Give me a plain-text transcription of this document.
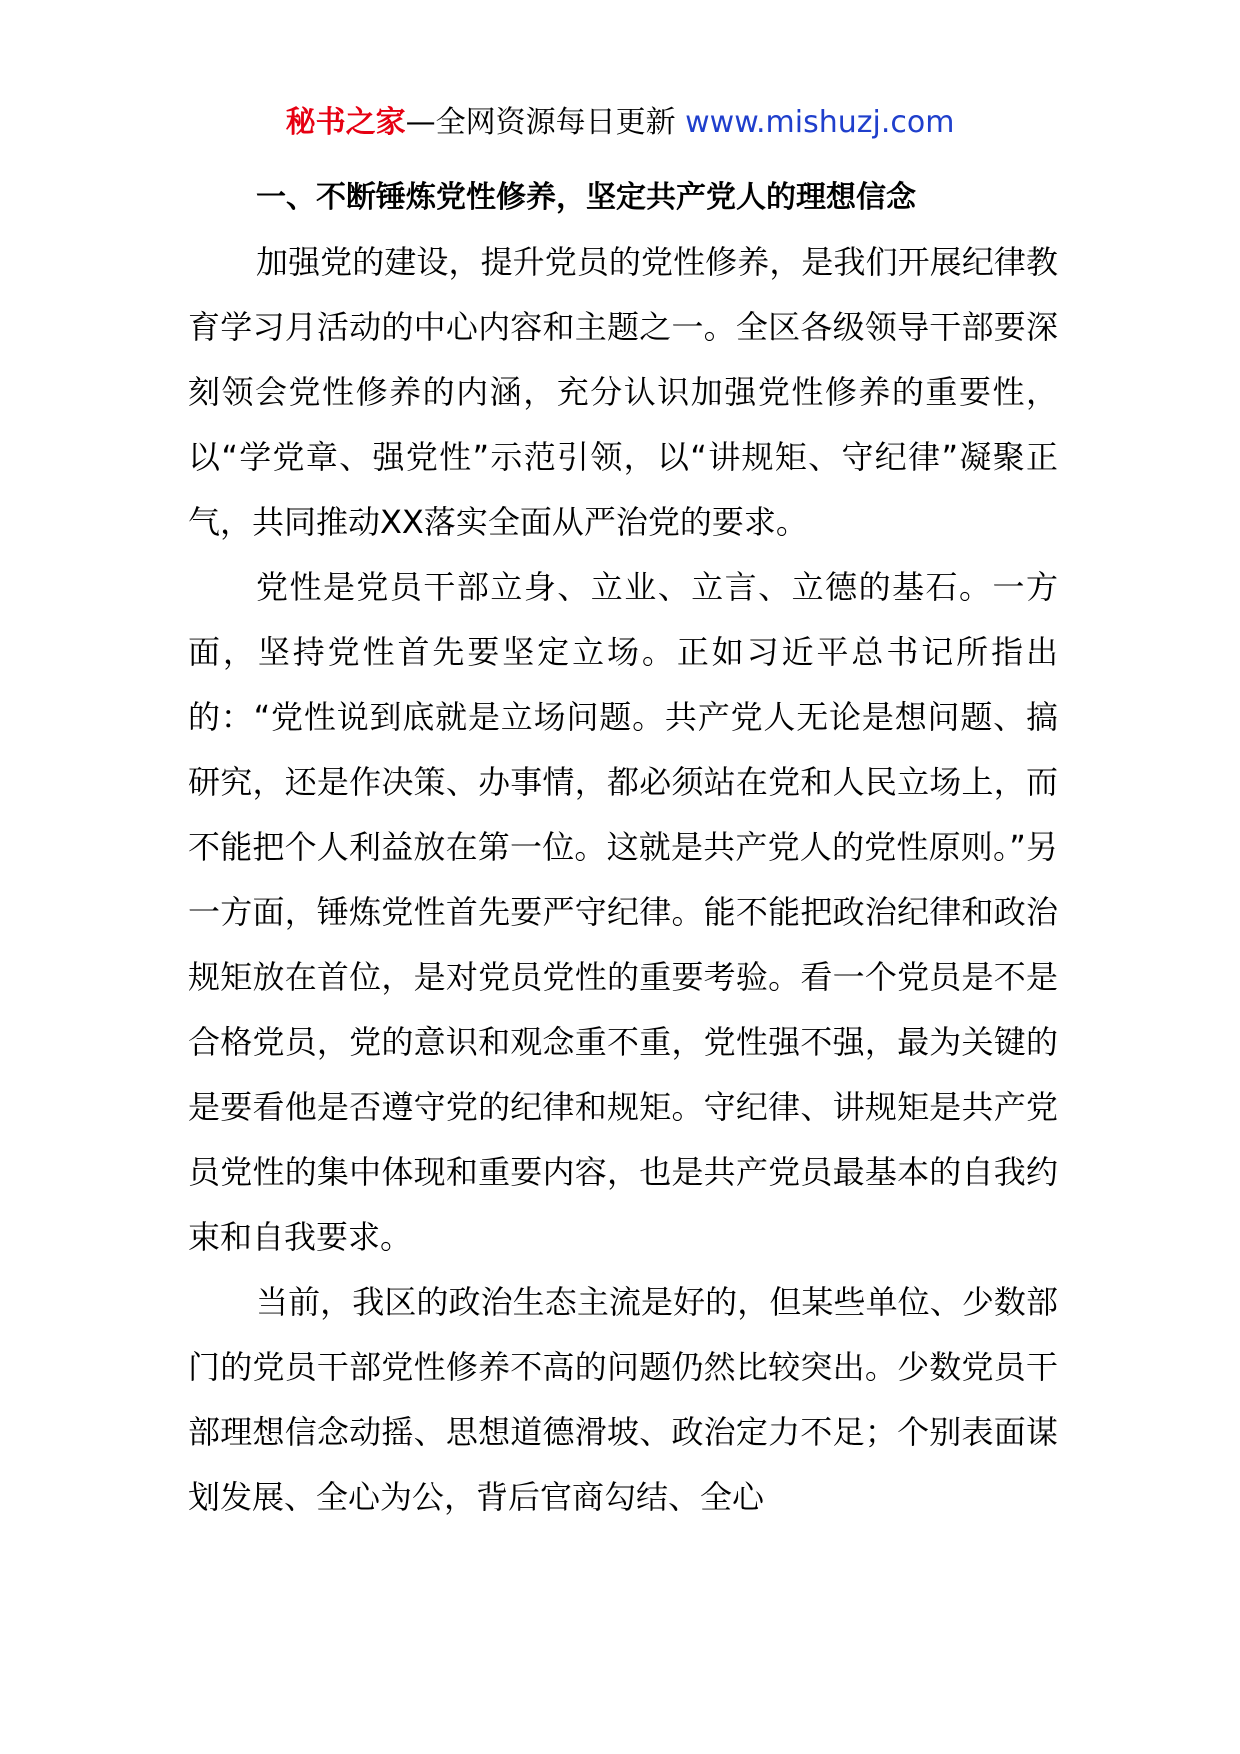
秘书之家—全网资源每日更新 www.mishuzj.com

一、不断锤炼党性修养，坚定共产党人的理想信念

加强党的建设，提升党员的党性修养，是我们开展纪律教育学习月活动的中心内容和主题之一。全区各级领导干部要深刻领会党性修养的内涵，充分认识加强党性修养的重要性，以“学党章、强党性”示范引领，以“讲规矩、守纪律”凝聚正气，共同推动XX落实全面从严治党的要求。

党性是党员干部立身、立业、立言、立德的基石。一方面，坚持党性首先要坚定立场。正如习近平总书记所指出的：“党性说到底就是立场问题。共产党人无论是想问题、搞研究，还是作决策、办事情，都必须站在党和人民立场上，而不能把个人利益放在第一位。这就是共产党人的党性原则。”另一方面，锤炼党性首先要严守纪律。能不能把政治纪律和政治规矩放在首位，是对党员党性的重要考验。看一个党员是不是合格党员，党的意识和观念重不重，党性强不强，最为关键的是要看他是否遵守党的纪律和规矩。守纪律、讲规矩是共产党员党性的集中体现和重要内容，也是共产党员最基本的自我约束和自我要求。

当前，我区的政治生态主流是好的，但某些单位、少数部门的党员干部党性修养不高的问题仍然比较突出。少数党员干部理想信念动摇、思想道德滑坡、政治定力不足；个别表面谋划发展、全心为公，背后官商勾结、全心
